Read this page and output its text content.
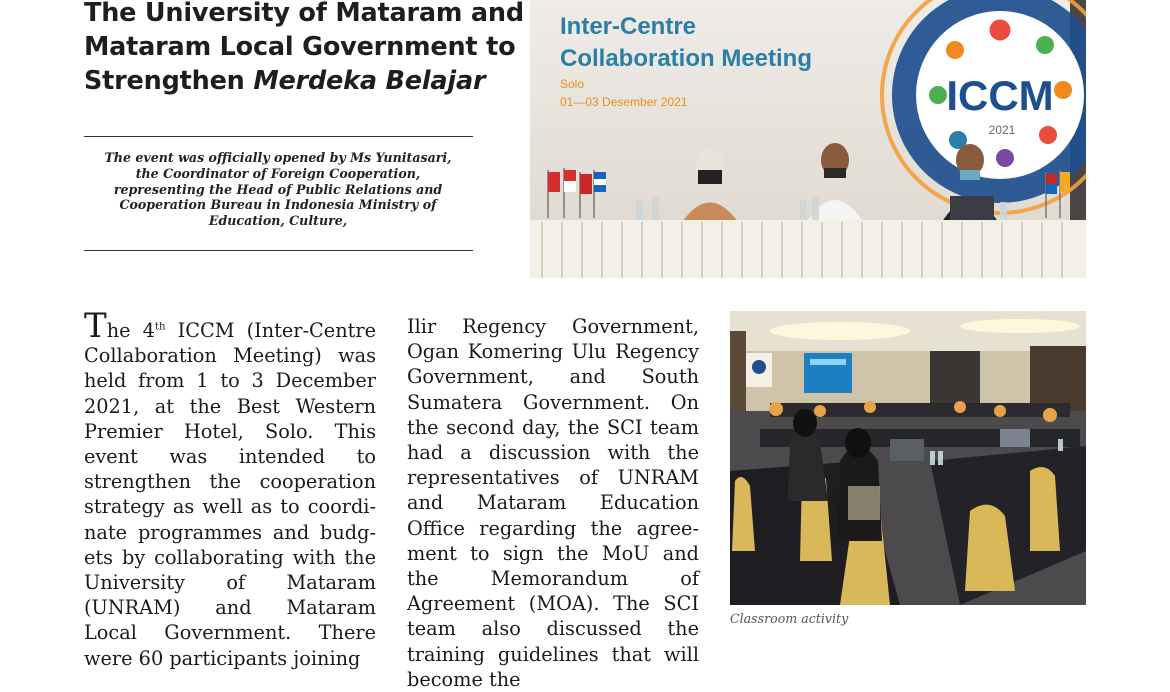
The University of Mataram and
Mataram Local Government to
Strengthen Merdeka Belajar

The event was officially opened by Ms Yunitasari, the Coordinator of Foreign Cooperation, representing the Head of Public Relations and Cooperation Bureau in Indonesia Ministry of Education, Culture,

ICCM
2021
Inter-Centre
Collaboration Meeting
Solo
01—03 Desember 2021
Classroom activity

The 4th ICCM (Inter-Centre Collaboration Meeting) was held from 1 to 3 December 2021, at the Best Western Premier Hotel, Solo. This event was intended to strengthen the cooperation strategy as well as to coordinate programmes and budgets by collaborating with the University of Mataram (UNRAM) and Mataram Local Government. There were 60 participants joining

Ilir Regency Government, Ogan Komering Ulu Regency Government, and South Sumatera Government. On the second day, the SCI team had a discussion with the representatives of UNRAM and Mataram Education Office regarding the agreement to sign the MoU and the Memorandum of Agreement (MOA). The SCI team also discussed the training guidelines that will become the
